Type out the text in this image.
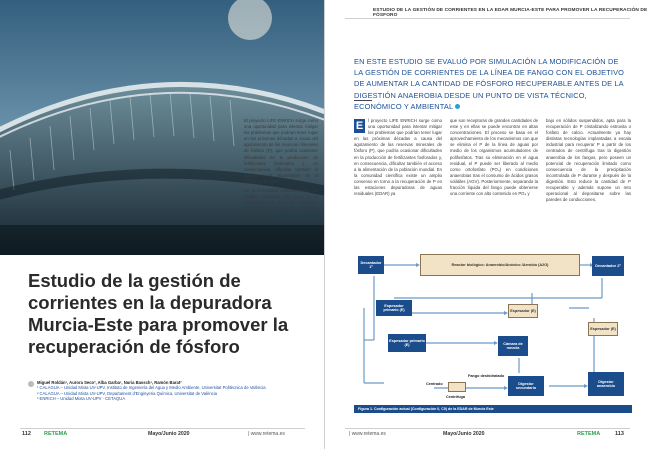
El proyecto LIFE ENRICH surge como una oportunidad para intentar mitigar los problemas que podrían tener lugar en las próximas décadas a causa del agotamiento de las reservas minerales de fósforo (P), que podría ocasionar dificultades en la producción de fertilizantes fosforados y, en consecuencia, dificultar también el acceso a la alimentación de la población mundial.

En la comunidad científica existe un amplio consenso en torno a la recuperación de P en las estaciones depuradoras de aguas residuales (EDAR) ya

Estudio de la gestión de
corrientes en la depuradora
Murcia-Este para promover la
recuperación de fósforo
Miguel Roldán¹, Aurora Seco², Alba Garba¹, Nuria Bassch¹, Ramón Barat²
¹ CALAGUA – Unidad Mixta UV-UPV, Instituto de Ingeniería del Agua y Medio Ambiente, Universitat Politècnica de València
² CALAGUA – Unidad Mixta UV-UPV, Departament d'Enginyeria Química, Universitat de València
³ ENRICH – Unidad Mixta UV-UPV · CETAQUA
112 RETEMA	Mayo/Junio 2020	| www.retema.es
ESTUDIO DE LA GESTIÓN DE CORRIENTES EN LA EDAR MURCIA-ESTE PARA PROMOVER LA RECUPERACIÓN DE FÓSFORO

EN ESTE ESTUDIO SE EVALUÓ POR SIMULACIÓN LA MODIFICACIÓN DE LA GESTIÓN DE CORRIENTES DE LA LÍNEA DE FANGO CON EL OBJETIVO DE AUMENTAR LA CANTIDAD DE FÓSFORO RECUPERABLE ANTES DE LA DIGESTIÓN ANAEROBIA DESDE UN PUNTO DE VISTA TÉCNICO, ECONÓMICO Y AMBIENTAL

E	l proyecto LIFE ENRICH surge como una oportunidad para intentar mitigar los problemas que podrían tener lugar en las próximas décadas a causa del agotamiento de las reservas minerales de fósforo (P), que podría ocasionar dificultades en la producción de fertilizantes fosforados y, en consecuencia, dificultar también el acceso a la alimentación de la población mundial. En la comunidad científica existe un amplio consenso en torno a la recuperación de P en las estaciones depuradoras de aguas residuales (EDAR) ya
que son receptoras de grandes cantidades de este y en ellas se puede encontrar en altas concentraciones. El proceso se basa en el aprovechamiento de los mecanismos con que se elimina el P de la línea de aguas por medio de los organismos acumuladores de polifosfatos. Tras su eliminación en el agua residual, el P puede ser liberado al medio como ortofosfato (PO₄) en condiciones anaerobias tras el consumo de ácidos grasos volátiles (AGV). Posteriormente, separando la fracción líquida del fango puede obtenerse una corriente con alto contenido en PO₄ y
bajo en sólidos suspendidos, apta para la recuperación de P cristalizando estruvita o fosfato de calcio. Actualmente ya hay distintas tecnologías implantadas a escala industrial para recuperar P a partir de los centrados de centrífuga tras la digestión anaerobia de los fangos, pero poseen un potencial de recuperación limitado como consecuencia de la precipitación incontrolada de P durante y después de la digestión. Esto reduce la cantidad de P recuperable y además supone un reto operacional al depositarse sobre las paredes de conducciones,
Decantador 1º
Reactor biológico: Anaerobio/Anóxico /Aerobio (A2O)	Decantador 2º
Espesador primario (E)	Espesador (E)
Espesador (E)
Espesador primario (E)	Cámara de mezcla
Fango deshidratado
Centrado
Centrífuga
Digestor secundario
Digestor anaerobio
Figura 1. Configuración actual (Configuración 0, C0) de la EDAR de Murcia Este
| www.retema.es	Mayo/Junio 2020	RETEMA	113
